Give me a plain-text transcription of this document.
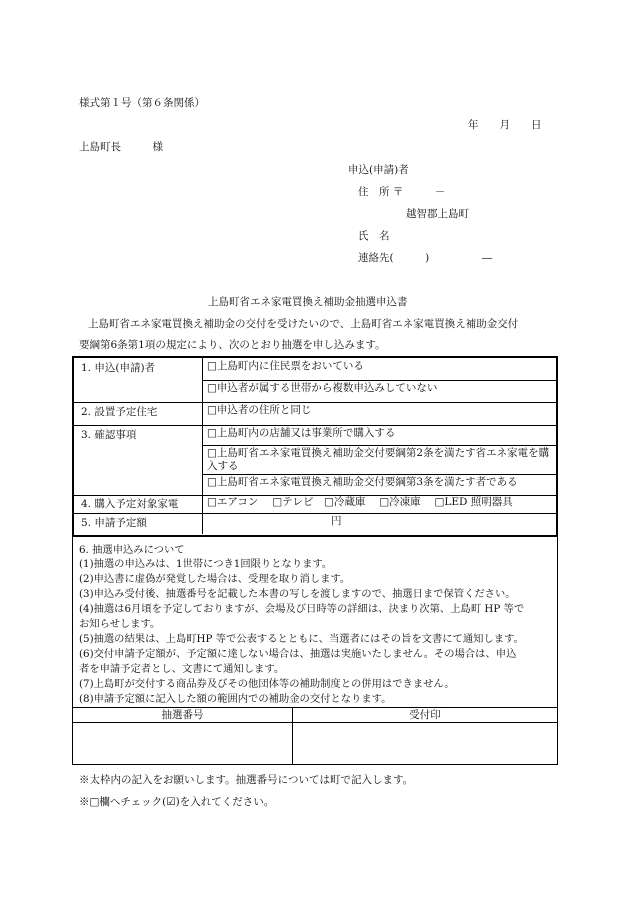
様式第１号（第６条関係）
年　　月　　日
上島町長　　　様
申込(申請)者
住　所 〒　　　－
越智郡上島町
氏　名
連絡先(　　　)　　　　　―
上島町省エネ家電買換え補助金抽選申込書
上島町省エネ家電買換え補助金の交付を受けたいので、上島町省エネ家電買換え補助金交付
要綱第6条第1項の規定により、次のとおり抽選を申し込みます。
1. 申込(申請)者	□上島町内に住民票をおいている
□申込者が属する世帯から複数申込みしていない
2. 設置予定住宅	□申込者の住所と同じ
3. 確認事項	□上島町内の店舗又は事業所で購入する
□上島町省エネ家電買換え補助金交付要綱第2条を満たす省エネ家電を購入する
□上島町省エネ家電買換え補助金交付要綱第3条を満たす者である
4. 購入予定対象家電	□エアコン　 □テレビ　□冷蔵庫　 □冷凍庫　 □LED 照明器具
5. 申請予定額	円
6. 抽選申込みについて
(1)抽選の申込みは、1世帯につき1回限りとなります。
(2)申込書に虚偽が発覚した場合は、受理を取り消します。
(3)申込み受付後、抽選番号を記載した本書の写しを渡しますので、抽選日まで保管ください。
(4)抽選は6月頃を予定しておりますが、会場及び日時等の詳細は、決まり次第、上島町 HP 等で
お知らせします。
(5)抽選の結果は、上島町HP 等で公表するとともに、当選者にはその旨を文書にて通知します。
(6)交付申請予定額が、予定額に達しない場合は、抽選は実施いたしません。その場合は、申込
者を申請予定者とし、文書にて通知します。
(7)上島町が交付する商品券及びその他団体等の補助制度との併用はできません。
(8)申請予定額に記入した額の範囲内での補助金の交付となります。
抽選番号	受付印
※太枠内の記入をお願いします。抽選番号については町で記入します。
※□欄へチェック(☑)を入れてください。
